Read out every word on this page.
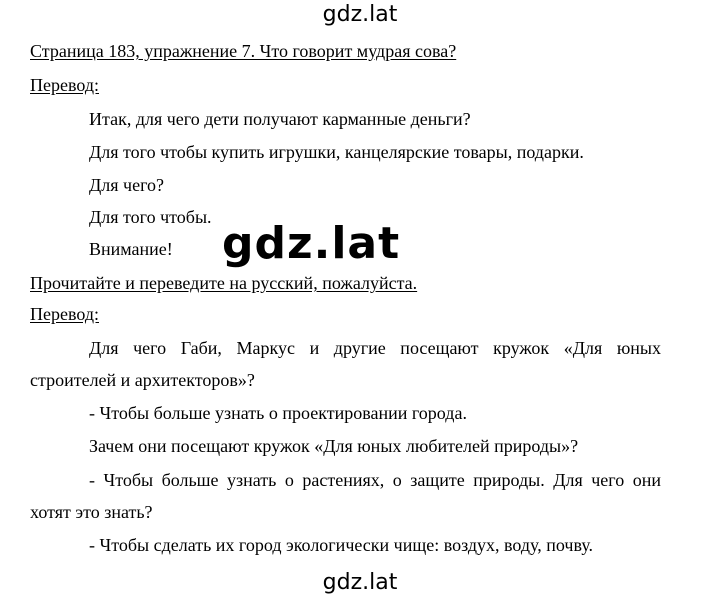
gdz.lat
Страница 183, упражнение 7. Что говорит мудрая сова?
Перевод:
Итак, для чего дети получают карманные деньги?
Для того чтобы купить игрушки, канцелярские товары, подарки.
Для чего?
Для того чтобы.
Внимание! gdz.lat
Прочитайте и переведите на русский, пожалуйста.
Перевод:
Для чего Габи, Маркус и другие посещают кружок «Для юных
строителей и архитекторов»?
- Чтобы больше узнать о проектировании города.
Зачем они посещают кружок «Для юных любителей природы»?
- Чтобы больше узнать о растениях, о защите природы. Для чего они
хотят это знать?
- Чтобы сделать их город экологически чище: воздух, воду, почву.
gdz.lat
